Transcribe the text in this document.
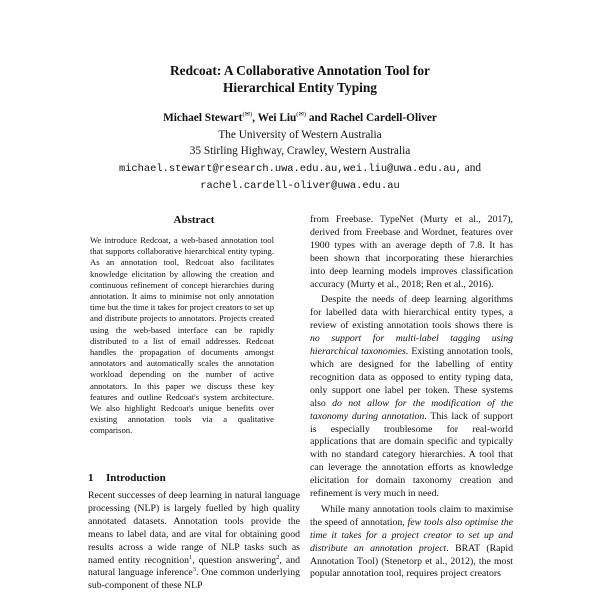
Redcoat: A Collaborative Annotation Tool for
Hierarchical Entity Typing
Michael Stewart(✉), Wei Liu(✉) and Rachel Cardell-Oliver
The University of Western Australia
35 Stirling Highway, Crawley, Western Australia
michael.stewart@research.uwa.edu.au,wei.liu@uwa.edu.au, and
rachel.cardell-oliver@uwa.edu.au
Abstract

We introduce Redcoat, a web-based annotation tool that supports collaborative hierarchical entity typing. As an annotation tool, Redcoat also facilitates knowledge elicitation by allowing the creation and continuous refinement of concept hierarchies during annotation. It aims to minimise not only annotation time but the time it takes for project creators to set up and distribute projects to annotators. Projects created using the web-based interface can be rapidly distributed to a list of email addresses. Redcoat handles the propagation of documents amongst annotators and automatically scales the annotation workload depending on the number of active annotators. In this paper we discuss these key features and outline Redcoat's system architecture. We also highlight Redcoat's unique benefits over existing annotation tools via a qualitative comparison.

1 Introduction

Recent successes of deep learning in natural language processing (NLP) is largely fuelled by high quality annotated datasets. Annotation tools provide the means to label data, and are vital for obtaining good results across a wide range of NLP tasks such as named entity recognition$^1$, question answering$^2$, and natural language inference$^3$. One common underlying sub-component of these NLP

from Freebase. TypeNet (Murty et al., 2017), derived from Freebase and Wordnet, features over 1900 types with an average depth of 7.8. It has been shown that incorporating these hierarchies into deep learning models improves classification accuracy (Murty et al., 2018; Ren et al., 2016).

Despite the needs of deep learning algorithms for labelled data with hierarchical entity types, a review of existing annotation tools shows there is no support for multi-label tagging using hierarchical taxonomies. Existing annotation tools, which are designed for the labelling of entity recognition data as opposed to entity typing data, only support one label per token. These systems also do not allow for the modification of the taxonomy during annotation. This lack of support is especially troublesome for real-world applications that are domain specific and typically with no standard category hierarchies. A tool that can leverage the annotation efforts as knowledge elicitation for domain taxonomy creation and refinement is very much in need.

While many annotation tools claim to maximise the speed of annotation, few tools also optimise the time it takes for a project creator to set up and distribute an annotation project. BRAT (Rapid Annotation Tool) (Stenetorp et al., 2012), the most popular annotation tool, requires project creators
